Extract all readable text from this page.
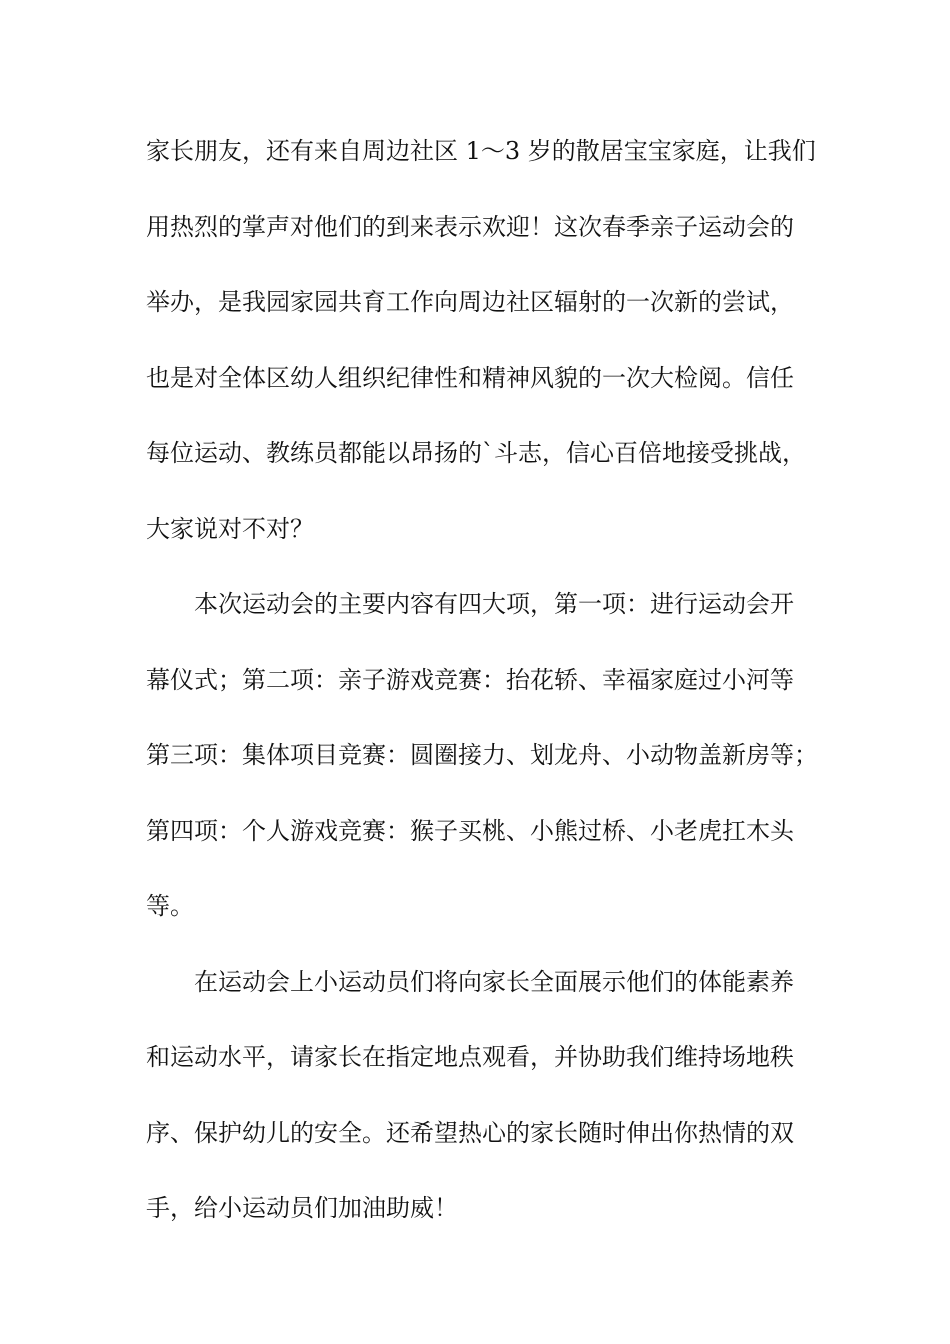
家长朋友，还有来自周边社区 1～3 岁的散居宝宝家庭，让我们
用热烈的掌声对他们的到来表示欢迎！这次春季亲子运动会的
举办，是我园家园共育工作向周边社区辐射的一次新的尝试，
也是对全体区幼人组织纪律性和精神风貌的一次大检阅。信任
每位运动、教练员都能以昂扬的`斗志，信心百倍地接受挑战，
大家说对不对？
本次运动会的主要内容有四大项，第一项：进行运动会开
幕仪式；第二项：亲子游戏竞赛：抬花轿、幸福家庭过小河等
第三项：集体项目竞赛：圆圈接力、划龙舟、小动物盖新房等；
第四项：个人游戏竞赛：猴子买桃、小熊过桥、小老虎扛木头
等。
在运动会上小运动员们将向家长全面展示他们的体能素养
和运动水平，请家长在指定地点观看，并协助我们维持场地秩
序、保护幼儿的安全。还希望热心的家长随时伸出你热情的双
手，给小运动员们加油助威！
